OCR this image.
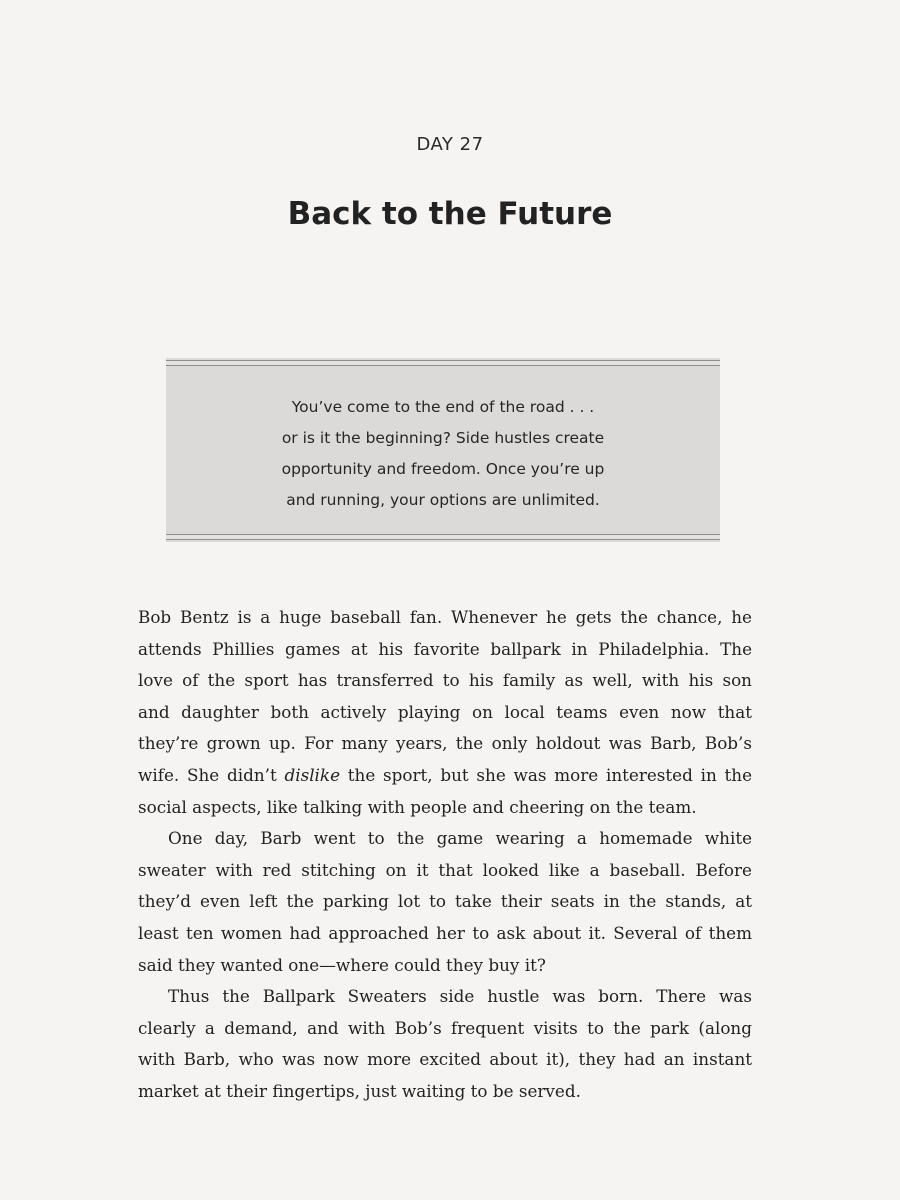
DAY 27
Back to the Future
You’ve come to the end of the road . . .
or is it the beginning? Side hustles create
opportunity and freedom. Once you’re up
and running, your options are unlimited.

Bob Bentz is a huge baseball fan. Whenever he gets the chance, he
attends Phillies games at his favorite ballpark in Philadelphia. The
love of the sport has transferred to his family as well, with his son
and daughter both actively playing on local teams even now that
they’re grown up. For many years, the only holdout was Barb, Bob’s
wife. She didn’t dislike the sport, but she was more interested in the
social aspects, like talking with people and cheering on the team.

One day, Barb went to the game wearing a homemade white
sweater with red stitching on it that looked like a baseball. Before
they’d even left the parking lot to take their seats in the stands, at
least ten women had approached her to ask about it. Several of them
said they wanted one—where could they buy it?

Thus the Ballpark Sweaters side hustle was born. There was
clearly a demand, and with Bob’s frequent visits to the park (along
with Barb, who was now more excited about it), they had an instant
market at their fingertips, just waiting to be served.
